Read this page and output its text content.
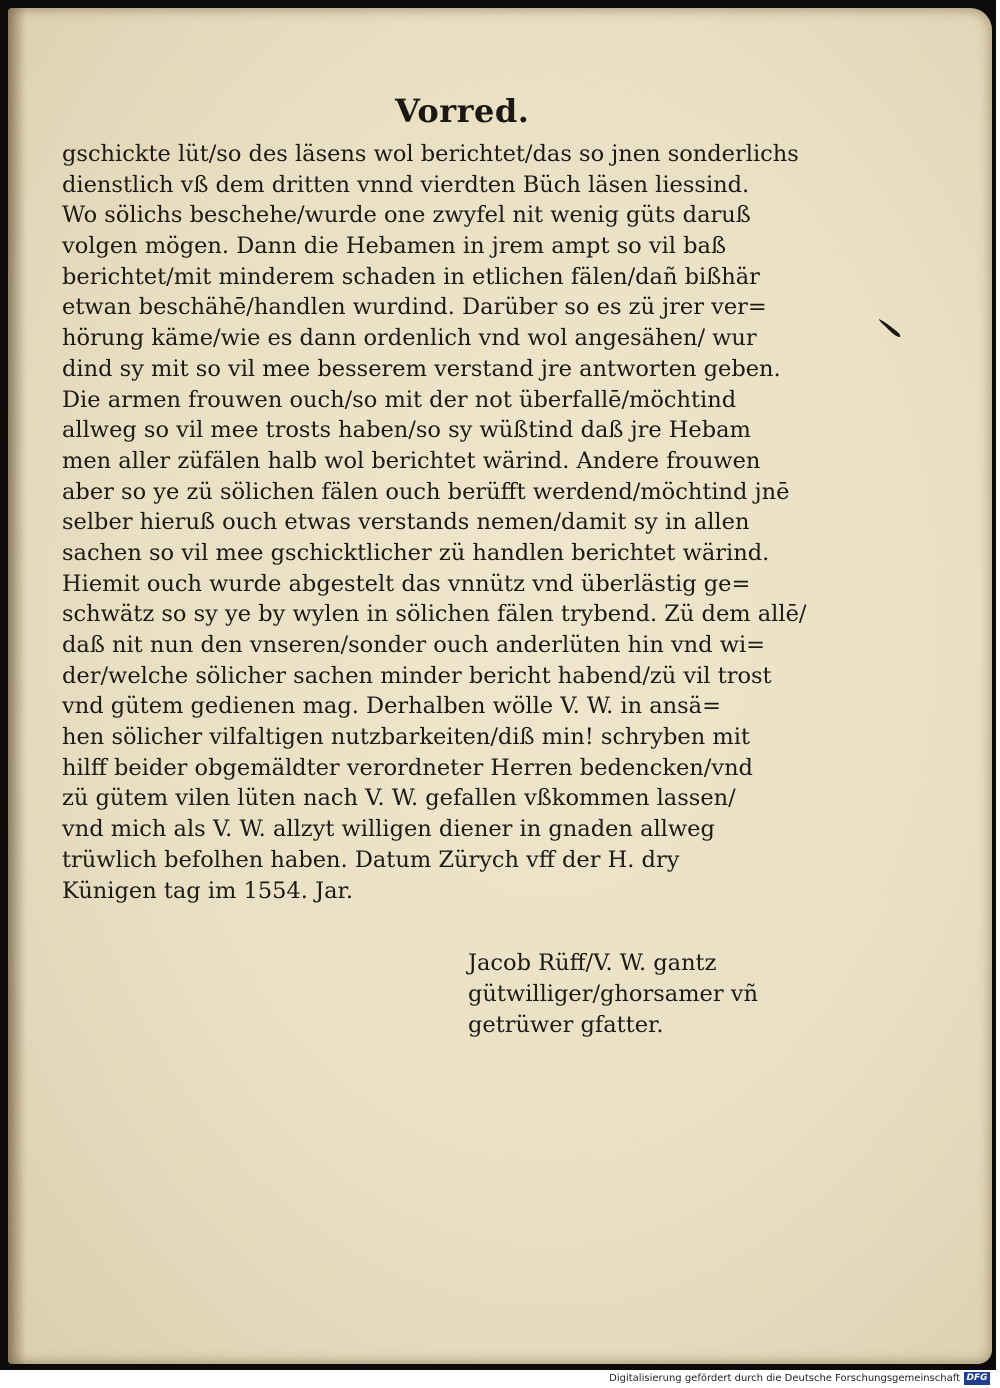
Vorred.
gschickte lüt/so des läsens wol berichtet/das so jnen sonderlichs
dienstlich vß dem dritten vnnd vierdten Büch läsen liessind.
Wo sölichs beschehe/wurde one zwyfel nit wenig güts daruß
volgen mögen. Dann die Hebamen in jrem ampt so vil baß
berichtet/mit minderem schaden in etlichen fälen/dañ bißhär
etwan beschähē/handlen wurdind. Darüber so es zü jrer ver=
hörung käme/wie es dann ordenlich vnd wol angesähen/ wur
dind sy mit so vil mee besserem verstand jre antworten geben.
Die armen frouwen ouch/so mit der not überfallē/möchtind
allweg so vil mee trosts haben/so sy wüßtind daß jre Hebam
men aller züfälen halb wol berichtet wärind. Andere frouwen
aber so ye zü sölichen fälen ouch berüfft werdend/möchtind jnē
selber hieruß ouch etwas verstands nemen/damit sy in allen
sachen so vil mee gschicktlicher zü handlen berichtet wärind.
Hiemit ouch wurde abgestelt das vnnütz vnd überlästig ge=
schwätz so sy ye by wylen in sölichen fälen trybend. Zü dem allē/
daß nit nun den vnseren/sonder ouch anderlüten hin vnd wi=
der/welche sölicher sachen minder bericht habend/zü vil trost
vnd gütem gedienen mag. Derhalben wölle V. W. in ansä=
hen sölicher vilfaltigen nutzbarkeiten/diß min! schryben mit
hilff beider obgemäldter verordneter Herren bedencken/vnd
zü gütem vilen lüten nach V. W. gefallen vßkommen lassen/
vnd mich als V. W. allzyt willigen diener in gnaden allweg
trüwlich befolhen haben. Datum Zürych vff der H. dry
Künigen tag im 1554. Jar.
Jacob Rüff/V. W. gantz
gütwilliger/ghorsamer vñ
getrüwer gfatter.
Digitalisierung gefördert durch die Deutsche Forschungsgemeinschaft DFG
